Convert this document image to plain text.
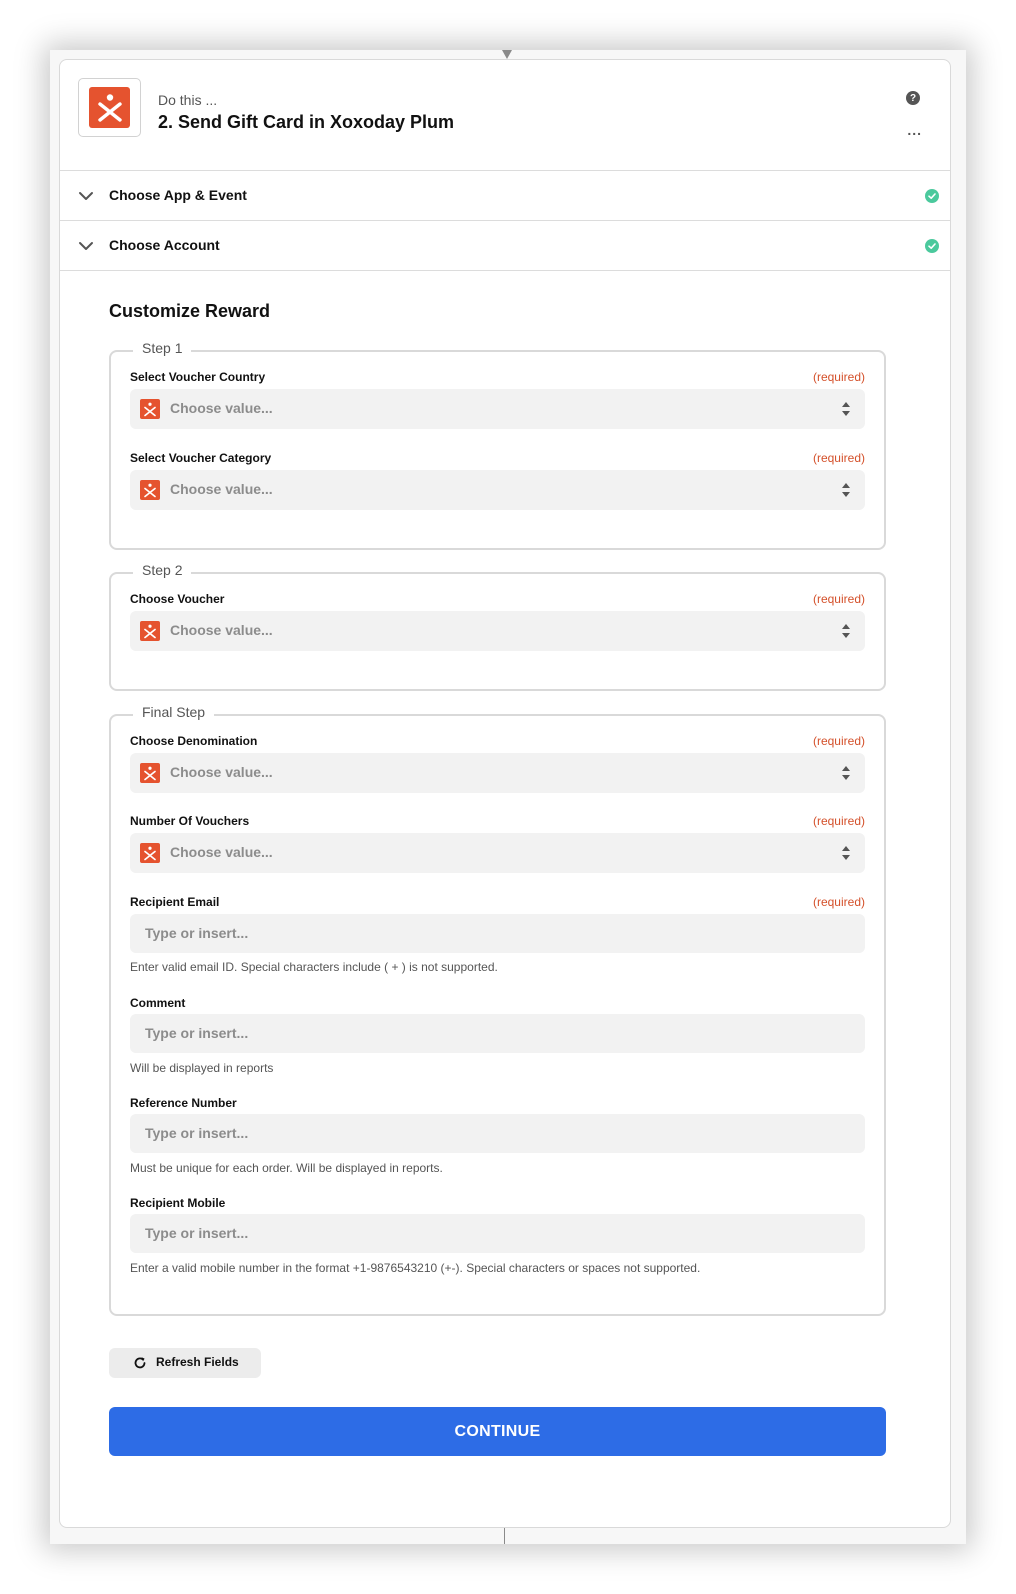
Do this ...
2. Send Gift Card in Xoxoday Plum
?
...
Choose App & Event
Choose Account
Customize Reward
Step 1
Select Voucher Country	(required)
Choose value...
Select Voucher Category	(required)
Choose value...
Step 2
Choose Voucher	(required)
Choose value...
Final Step
Choose Denomination	(required)
Choose value...
Number Of Vouchers	(required)
Choose value...
Recipient Email	(required)
Type or insert...
Enter valid email ID. Special characters include ( + ) is not supported.
Comment
Type or insert...
Will be displayed in reports
Reference Number
Type or insert...
Must be unique for each order. Will be displayed in reports.
Recipient Mobile
Type or insert...
Enter a valid mobile number in the format +1-9876543210 (+-). Special characters or spaces not supported.
Refresh Fields
CONTINUE
